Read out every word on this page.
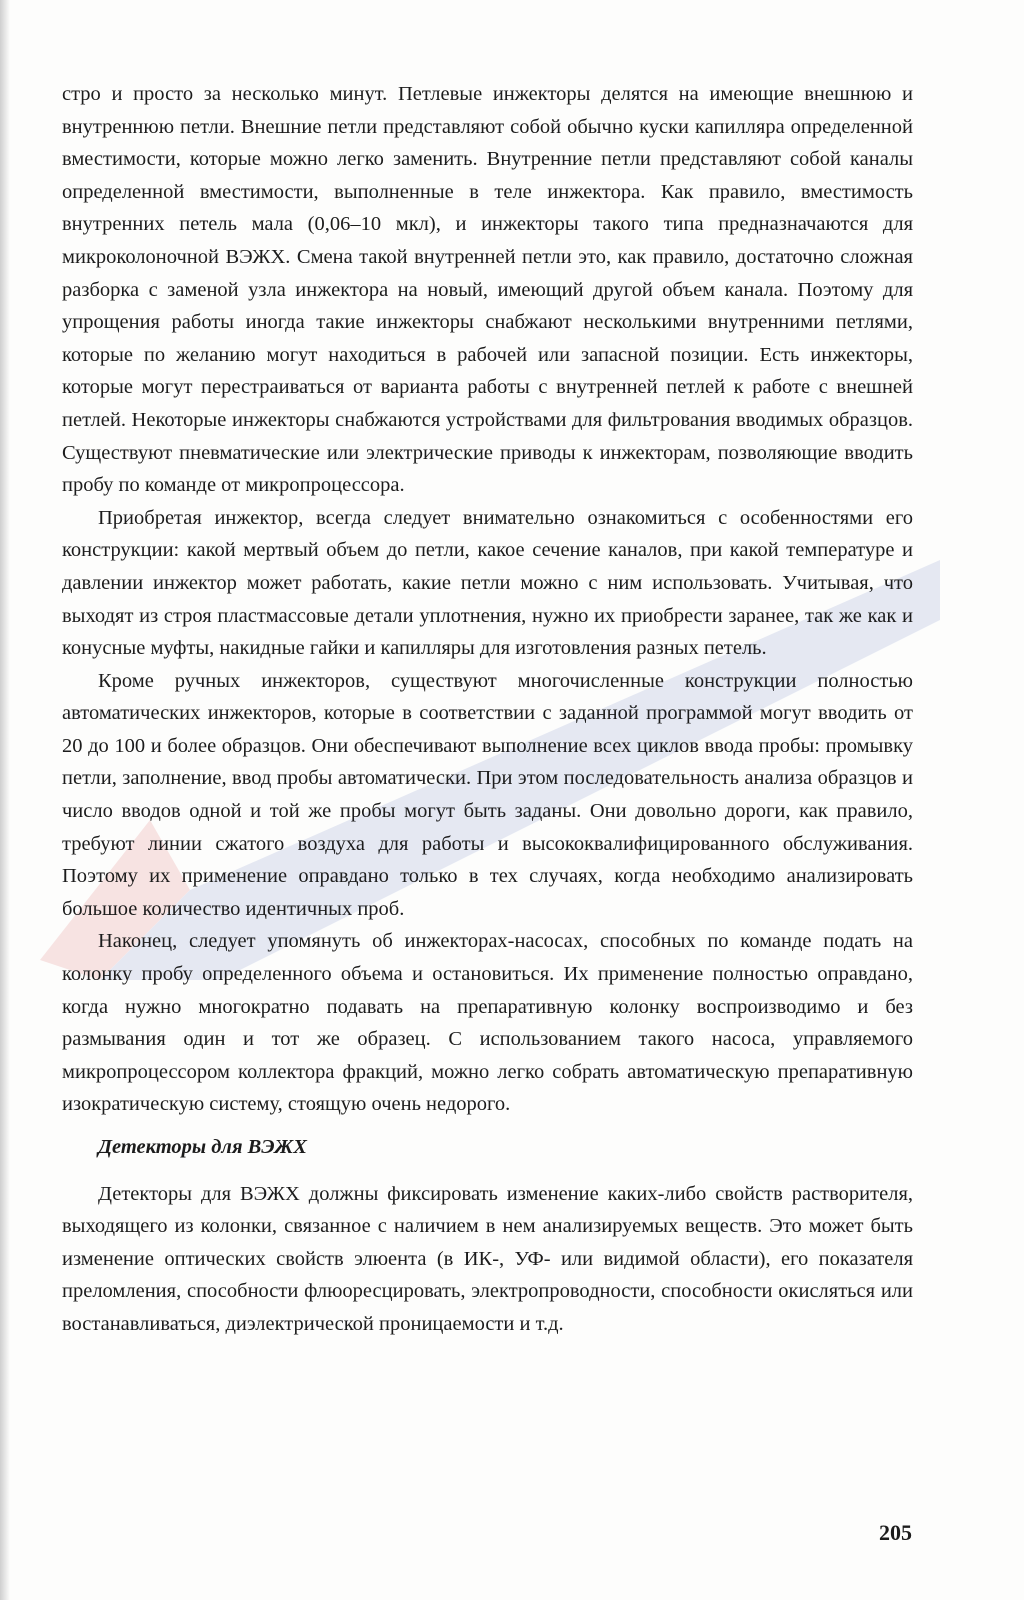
стро и просто за несколько минут. Петлевые инжекторы делятся на имеющие внешнюю и внутреннюю петли. Внешние петли представляют собой обычно куски капилляра определенной вместимости, которые можно легко заменить. Внутренние петли представляют собой каналы определенной вместимости, выполненные в теле инжектора. Как правило, вместимость внутренних петель мала (0,06–10 мкл), и инжекторы такого типа предназначаются для микроколоночной ВЭЖХ. Смена такой внутренней петли это, как правило, достаточно сложная разборка с заменой узла инжектора на новый, имеющий другой объем канала. Поэтому для упрощения работы иногда такие инжекторы снабжают несколькими внутренними петлями, которые по желанию могут находиться в рабочей или запасной позиции. Есть инжекторы, которые могут перестраиваться от варианта работы с внутренней петлей к работе с внешней петлей. Некоторые инжекторы снабжаются устройствами для фильтрования вводимых образцов. Существуют пневматические или электрические приводы к инжекторам, позволяющие вводить пробу по команде от микропроцессора.

Приобретая инжектор, всегда следует внимательно ознакомиться с особенностями его конструкции: какой мертвый объем до петли, какое сечение каналов, при какой температуре и давлении инжектор может работать, какие петли можно с ним использовать. Учитывая, что выходят из строя пластмассовые детали уплотнения, нужно их приобрести заранее, так же как и конусные муфты, накидные гайки и капилляры для изготовления разных петель.

Кроме ручных инжекторов, существуют многочисленные конструкции полностью автоматических инжекторов, которые в соответствии с заданной программой могут вводить от 20 до 100 и более образцов. Они обеспечивают выполнение всех циклов ввода пробы: промывку петли, заполнение, ввод пробы автоматически. При этом последовательность анализа образцов и число вводов одной и той же пробы могут быть заданы. Они довольно дороги, как правило, требуют линии сжатого воздуха для работы и высококвалифицированного обслуживания. Поэтому их применение оправдано только в тех случаях, когда необходимо анализировать большое количество идентичных проб.

Наконец, следует упомянуть об инжекторах-насосах, способных по команде подать на колонку пробу определенного объема и остановиться. Их применение полностью оправдано, когда нужно многократно подавать на препаративную колонку воспроизводимо и без размывания один и тот же образец. С использованием такого насоса, управляемого микропроцессором коллектора фракций, можно легко собрать автоматическую препаративную изократическую систему, стоящую очень недорого.

Детекторы для ВЭЖХ

Детекторы для ВЭЖХ должны фиксировать изменение каких-либо свойств растворителя, выходящего из колонки, связанное с наличием в нем анализируемых веществ. Это может быть изменение оптических свойств элюента (в ИК-, УФ- или видимой области), его показателя преломления, способности флюоресцировать, электропроводности, способности окисляться или востанавливаться, диэлектрической проницаемости и т.д.

205
